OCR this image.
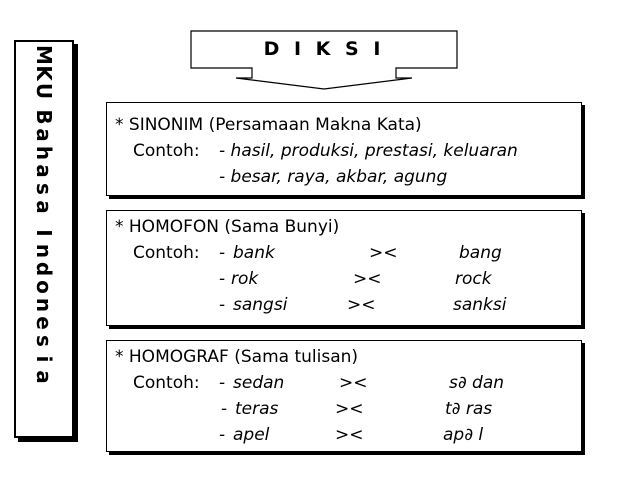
M
K
U
B
a
h
a
s
a
I
n
d
o
n
e
s
i
a
D I K S I
* SINONIM (Persamaan Makna Kata)
Contoh: - hasil, produksi, prestasi, keluaran
- besar, raya, akbar, agung
* HOMOFON (Sama Bunyi)
Contoh: - bank	><	bang
- rok	><	rock
- sangsi	><	sanksi
* HOMOGRAF (Sama tulisan)
Contoh: - sedan	><	s∂ dan
- teras	><	t∂ ras
- apel	><	ap∂ l
